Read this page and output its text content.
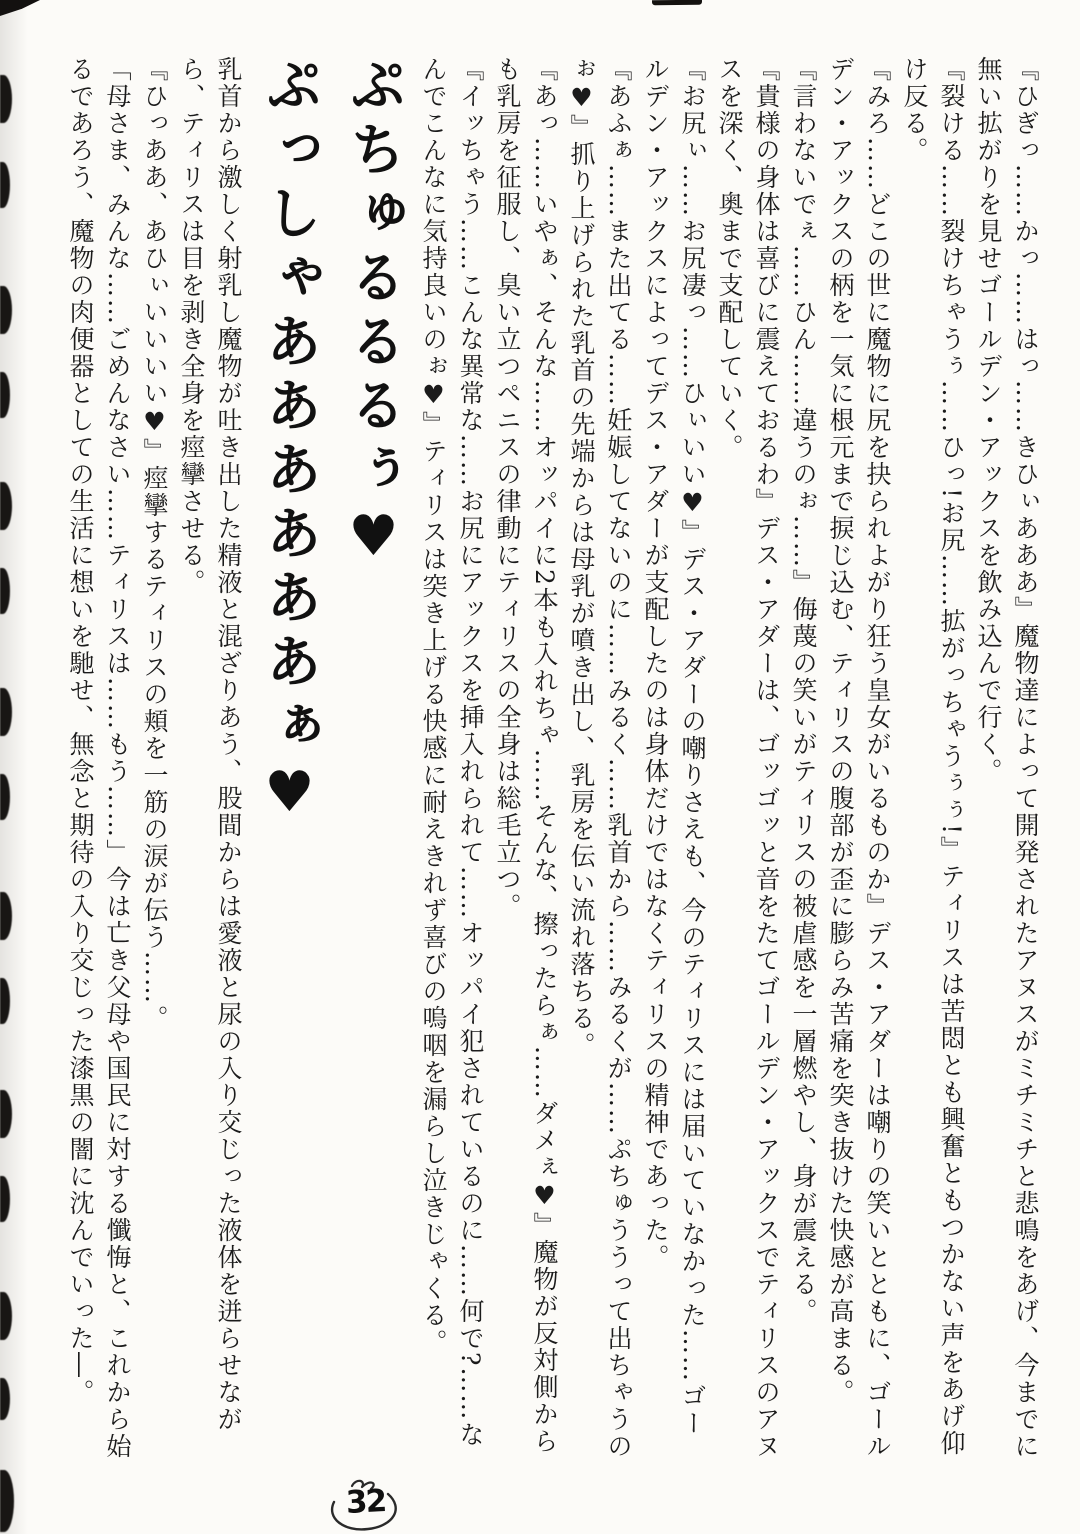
『ひぎっ……かっ……はっ……きひぃあああ』魔物達によって開発されたアヌスがミチミチと悲鳴をあげ、今までに無い拡がりを見せゴールデン・アックスを飲み込んで行く。

『裂ける……裂けちゃうぅ……ひっ!お尻……拡がっちゃうぅぅ!』ティリスは苦悶とも興奮ともつかない声をあげ仰け反る。

『みろ……どこの世に魔物に尻を抉られよがり狂う皇女がいるものか』デス・アダーは嘲りの笑いとともに、ゴールデン・アックスの柄を一気に根元まで捩じ込む、ティリスの腹部が歪に膨らみ苦痛を突き抜けた快感が高まる。

『言わないでぇ……ひん……違うのぉ……』侮蔑の笑いがティリスの被虐感を一層燃やし、身が震える。

『貴様の身体は喜びに震えておるわ』デス・アダーは、ゴッゴッと音をたてゴールデン・アックスでティリスのアヌスを深く、奥まで支配していく。

『お尻ぃ……お尻凄っ……ひぃいい♥』デス・アダーの嘲りさえも、今のティリスには届いていなかった……ゴールデン・アックスによってデス・アダーが支配したのは身体だけではなくティリスの精神であった。

『あふぁ……また出てる……妊娠してないのに……みるく……乳首から……みるくが……ぷちゅううって出ちゃうのぉ♥』抓り上げられた乳首の先端からは母乳が噴き出し、乳房を伝い流れ落ちる。

『あっ……いやぁ、そんな……オッパイに2本も入れちゃ……そんな、擦ったらぁ……ダメぇ♥』魔物が反対側からも乳房を征服し、臭い立つペニスの律動にティリスの全身は総毛立つ。

『イッちゃう……こんな異常な……お尻にアックスを挿入れられて……オッパイ犯されているのに……何で?……なんでこんなに気持良いのぉ♥』ティリスは突き上げる快感に耐えきれず喜びの嗚咽を漏らし泣きじゃくる。

ぷちゅるるるぅ♥

ぷっしゃああああああぁ♥

乳首から激しく射乳し魔物が吐き出した精液と混ざりあう、股間からは愛液と尿の入り交じった液体を迸らせながら、ティリスは目を剥き全身を痙攣させる。

『ひっああ、あひぃいいいい♥』痙攣するティリスの頬を一筋の涙が伝う……。

「母さま、みんな……ごめんなさい……ティリスは……もう……」今は亡き父母や国民に対する懺悔と、これから始るであろう、魔物の肉便器としての生活に想いを馳せ、無念と期待の入り交じった漆黒の闇に沈んでいった―。

32
